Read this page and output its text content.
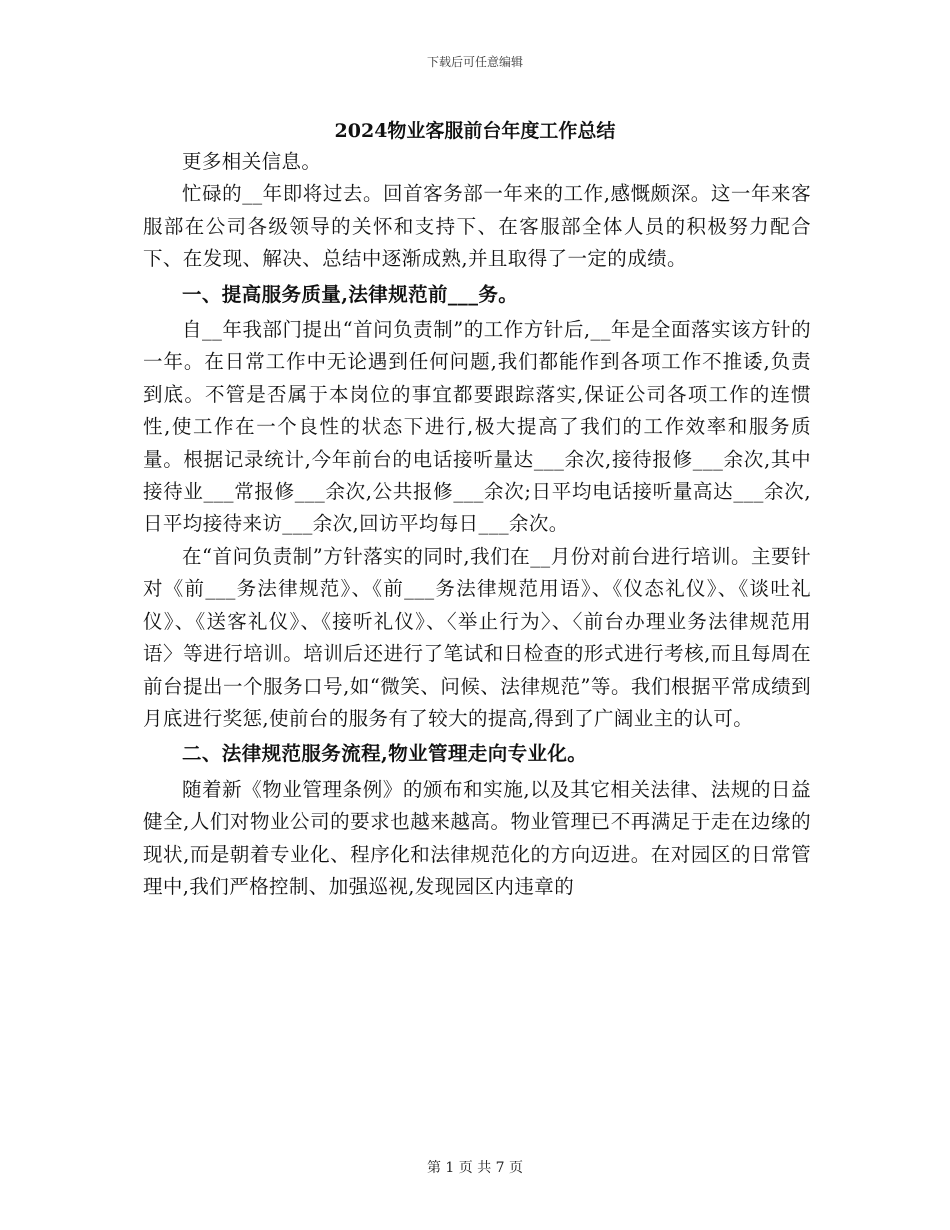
下载后可任意编辑
2024物业客服前台年度工作总结

更多相关信息。

忙碌的__年即将过去。回首客务部一年来的工作,感慨颇深。这一年来客服部在公司各级领导的关怀和支持下、在客服部全体人员的积极努力配合下、在发现、解决、总结中逐渐成熟,并且取得了一定的成绩。

一、提高服务质量,法律规范前___务。

自__年我部门提出“首问负责制”的工作方针后,__年是全面落实该方针的一年。在日常工作中无论遇到任何问题,我们都能作到各项工作不推诿,负责到底。不管是否属于本岗位的事宜都要跟踪落实,保证公司各项工作的连惯性,使工作在一个良性的状态下进行,极大提高了我们的工作效率和服务质量。根据记录统计,今年前台的电话接听量达___余次,接待报修___余次,其中接待业___常报修___余次,公共报修___余次;日平均电话接听量高达___余次,日平均接待来访___余次,回访平均每日___余次。

在“首问负责制”方针落实的同时,我们在__月份对前台进行培训。主要针对《前___务法律规范》、《前___务法律规范用语》、《仪态礼仪》、《谈吐礼仪》、《送客礼仪》、《接听礼仪》、〈举止行为〉、〈前台办理业务法律规范用语〉等进行培训。培训后还进行了笔试和日检查的形式进行考核,而且每周在前台提出一个服务口号,如“微笑、问候、法律规范”等。我们根据平常成绩到月底进行奖惩,使前台的服务有了较大的提高,得到了广阔业主的认可。

二、法律规范服务流程,物业管理走向专业化。

随着新《物业管理条例》的颁布和实施,以及其它相关法律、法规的日益健全,人们对物业公司的要求也越来越高。物业管理已不再满足于走在边缘的现状,而是朝着专业化、程序化和法律规范化的方向迈进。在对园区的日常管理中,我们严格控制、加强巡视,发现园区内违章的

第 1 页 共 7 页
